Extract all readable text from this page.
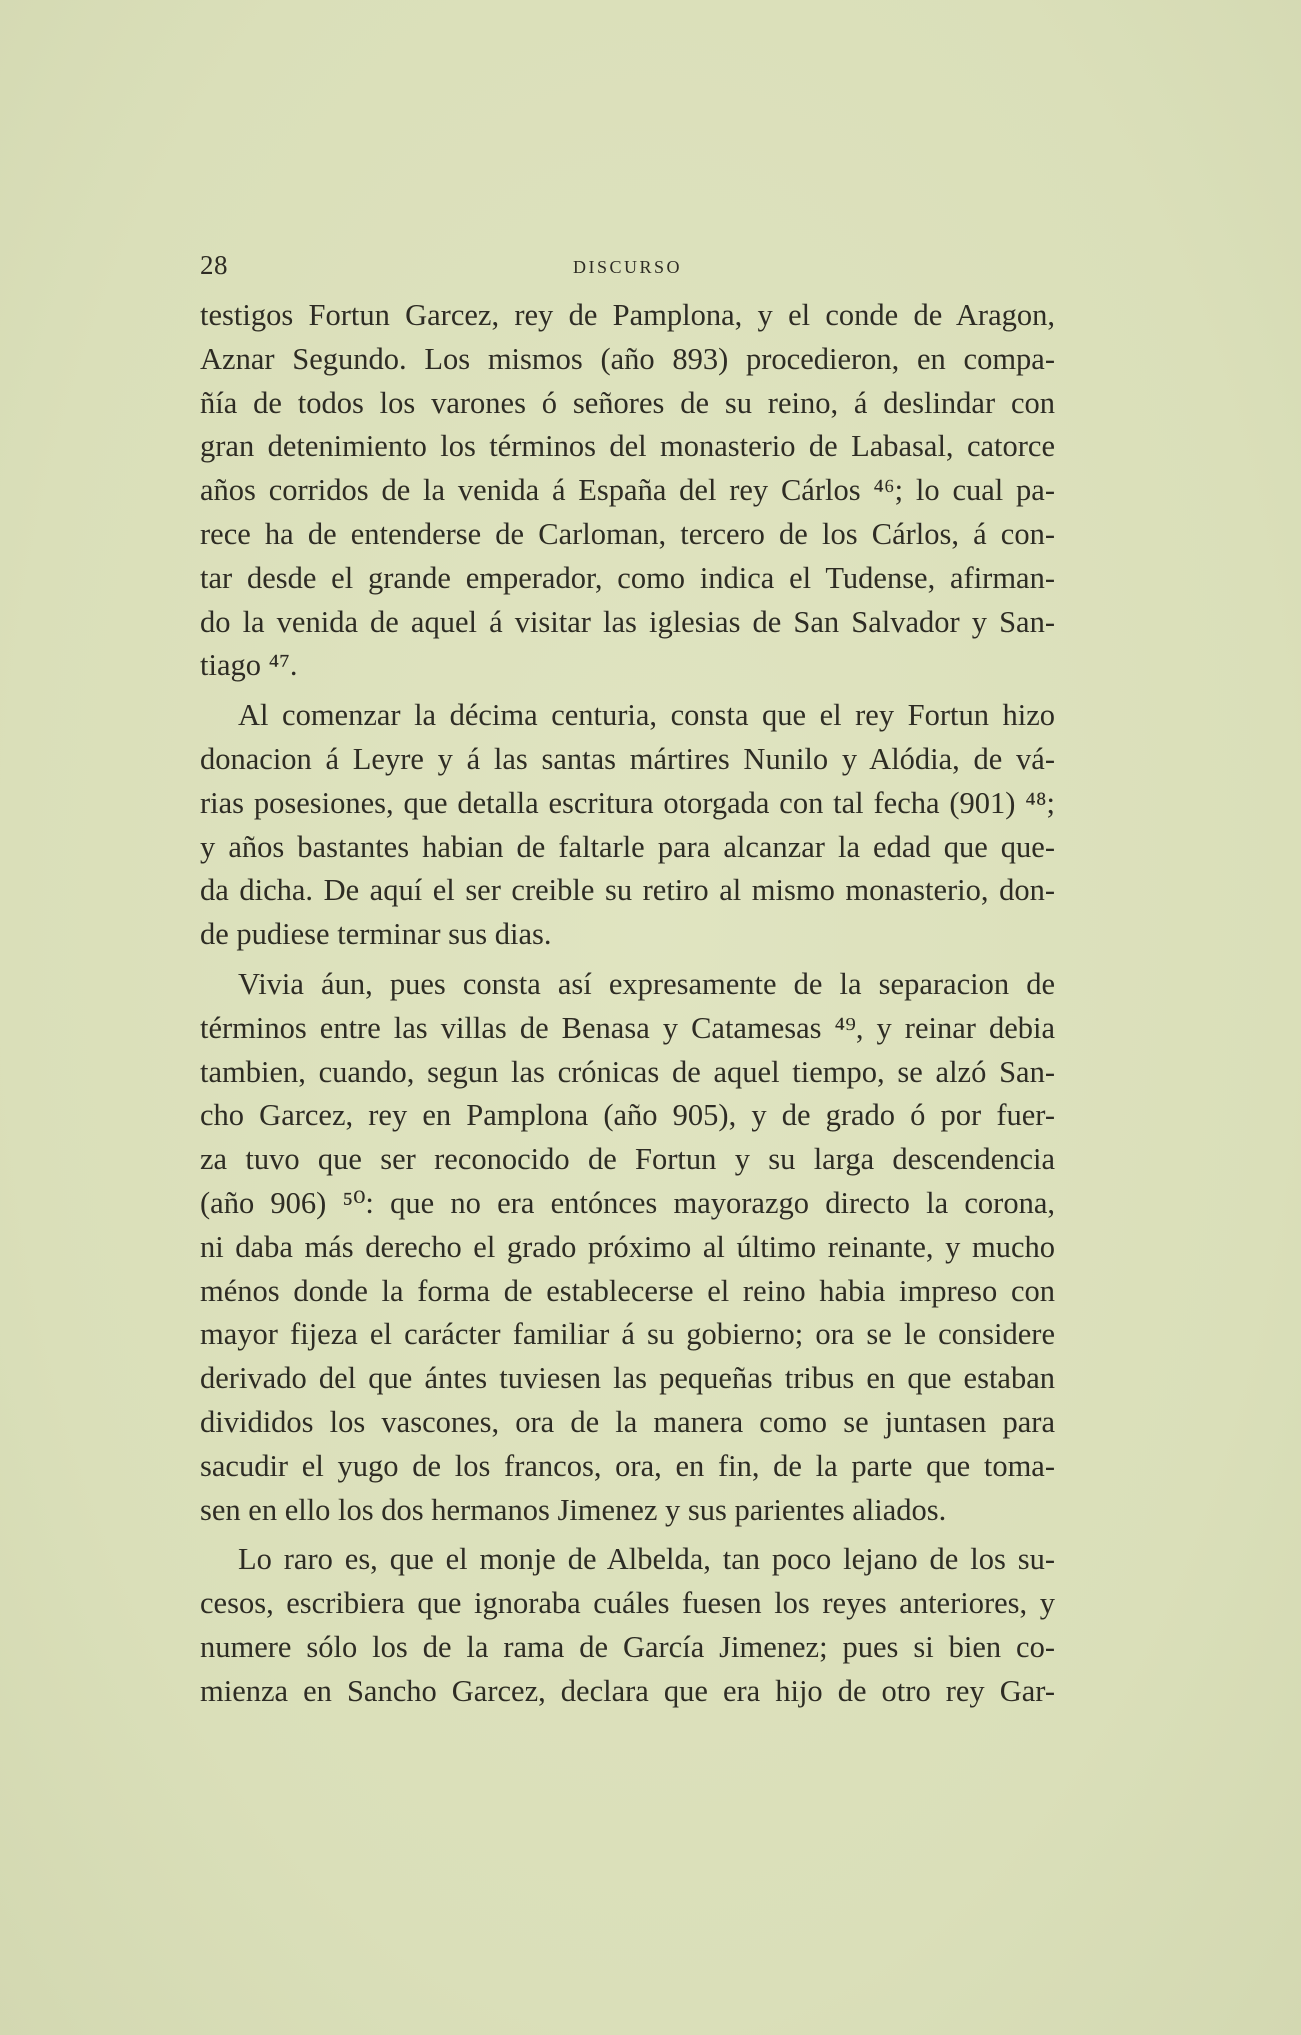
28	DISCURSO
testigos Fortun Garcez, rey de Pamplona, y el conde de Aragon,
Aznar Segundo. Los mismos (año 893) procedieron, en compa-
ñía de todos los varones ó señores de su reino, á deslindar con
gran detenimiento los términos del monasterio de Labasal, catorce
años corridos de la venida á España del rey Cárlos ⁴⁶; lo cual pa-
rece ha de entenderse de Carloman, tercero de los Cárlos, á con-
tar desde el grande emperador, como indica el Tudense, afirman-
do la venida de aquel á visitar las iglesias de San Salvador y San-
tiago ⁴⁷.
Al comenzar la décima centuria, consta que el rey Fortun hizo
donacion á Leyre y á las santas mártires Nunilo y Alódia, de vá-
rias posesiones, que detalla escritura otorgada con tal fecha (901) ⁴⁸;
y años bastantes habian de faltarle para alcanzar la edad que que-
da dicha. De aquí el ser creible su retiro al mismo monasterio, don-
de pudiese terminar sus dias.
Vivia áun, pues consta así expresamente de la separacion de
términos entre las villas de Benasa y Catamesas ⁴⁹, y reinar debia
tambien, cuando, segun las crónicas de aquel tiempo, se alzó San-
cho Garcez, rey en Pamplona (año 905), y de grado ó por fuer-
za tuvo que ser reconocido de Fortun y su larga descendencia
(año 906) ⁵⁰: que no era entónces mayorazgo directo la corona,
ni daba más derecho el grado próximo al último reinante, y mucho
ménos donde la forma de establecerse el reino habia impreso con
mayor fijeza el carácter familiar á su gobierno; ora se le considere
derivado del que ántes tuviesen las pequeñas tribus en que estaban
divididos los vascones, ora de la manera como se juntasen para
sacudir el yugo de los francos, ora, en fin, de la parte que toma-
sen en ello los dos hermanos Jimenez y sus parientes aliados.
Lo raro es, que el monje de Albelda, tan poco lejano de los su-
cesos, escribiera que ignoraba cuáles fuesen los reyes anteriores, y
numere sólo los de la rama de García Jimenez; pues si bien co-
mienza en Sancho Garcez, declara que era hijo de otro rey Gar-
